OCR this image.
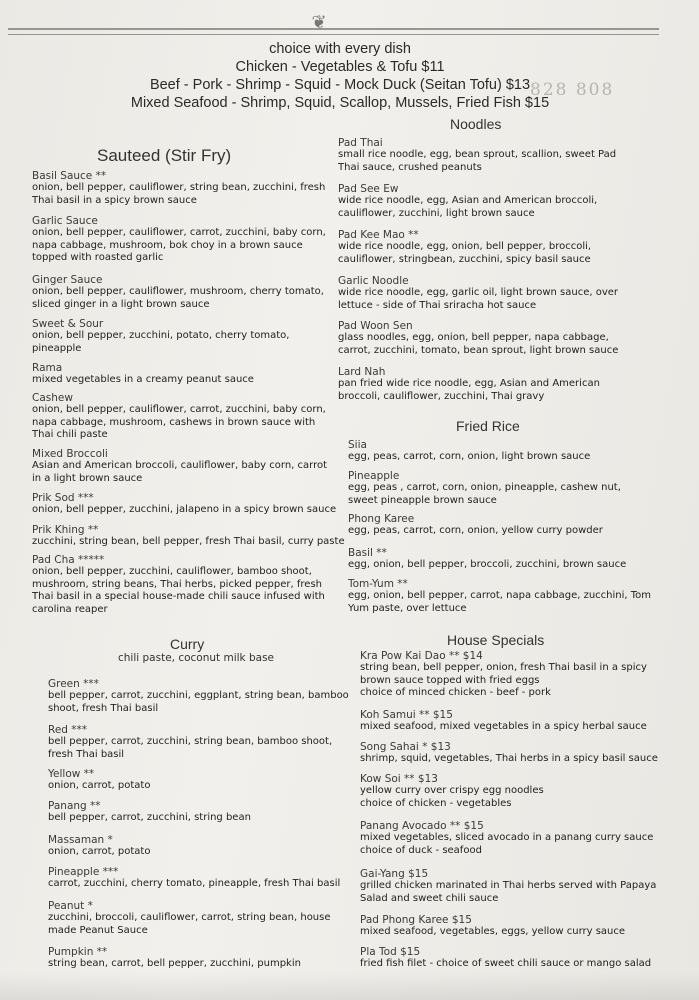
❦
choice with every dish
Chicken - Vegetables & Tofu $11
Beef - Pork - Shrimp - Squid - Mock Duck (Seitan Tofu) $13
Mixed Seafood - Shrimp, Squid, Scallop, Mussels, Fried Fish $15
828 808
Sauteed (Stir Fry)
Basil Sauce **
onion, bell pepper, cauliflower, string bean, zucchini, fresh
Thai basil in a spicy brown sauce
Garlic Sauce
onion, bell pepper, cauliflower, carrot, zucchini, baby corn,
napa cabbage, mushroom, bok choy in a brown sauce
topped with roasted garlic
Ginger Sauce
onion, bell pepper, cauliflower, mushroom, cherry tomato,
sliced ginger in a light brown sauce
Sweet & Sour
onion, bell pepper, zucchini, potato, cherry tomato,
pineapple
Rama
mixed vegetables in a creamy peanut sauce
Cashew
onion, bell pepper, cauliflower, carrot, zucchini, baby corn,
napa cabbage, mushroom, cashews in brown sauce with
Thai chili paste
Mixed Broccoli
Asian and American broccoli, cauliflower, baby corn, carrot
in a light brown sauce
Prik Sod ***
onion, bell pepper, zucchini, jalapeno in a spicy brown sauce
Prik Khing **
zucchini, string bean, bell pepper, fresh Thai basil, curry paste
Pad Cha *****
onion, bell pepper, zucchini, cauliflower, bamboo shoot,
mushroom, string beans, Thai herbs, picked pepper, fresh
Thai basil in a special house-made chili sauce infused with
carolina reaper
Curry
chili paste, coconut milk base
Green ***
bell pepper, carrot, zucchini, eggplant, string bean, bamboo
shoot, fresh Thai basil
Red ***
bell pepper, carrot, zucchini, string bean, bamboo shoot,
fresh Thai basil
Yellow **
onion, carrot, potato
Panang **
bell pepper, carrot, zucchini, string bean
Massaman *
onion, carrot, potato
Pineapple ***
carrot, zucchini, cherry tomato, pineapple, fresh Thai basil
Peanut *
zucchini, broccoli, cauliflower, carrot, string bean, house
made Peanut Sauce
Pumpkin **
string bean, carrot, bell pepper, zucchini, pumpkin
Noodles
Pad Thai
small rice noodle, egg, bean sprout, scallion, sweet Pad
Thai sauce, crushed peanuts
Pad See Ew
wide rice noodle, egg, Asian and American broccoli,
cauliflower, zucchini, light brown sauce
Pad Kee Mao **
wide rice noodle, egg, onion, bell pepper, broccoli,
cauliflower, stringbean, zucchini, spicy basil sauce
Garlic Noodle
wide rice noodle, egg, garlic oil, light brown sauce, over
lettuce - side of Thai sriracha hot sauce
Pad Woon Sen
glass noodles, egg, onion, bell pepper, napa cabbage,
carrot, zucchini, tomato, bean sprout, light brown sauce
Lard Nah
pan fried wide rice noodle, egg, Asian and American
broccoli, cauliflower, zucchini, Thai gravy
Fried Rice
Siia
egg, peas, carrot, corn, onion, light brown sauce
Pineapple
egg, peas , carrot, corn, onion, pineapple, cashew nut,
sweet pineapple brown sauce
Phong Karee
egg, peas, carrot, corn, onion, yellow curry powder
Basil **
egg, onion, bell pepper, broccoli, zucchini, brown sauce
Tom-Yum **
egg, onion, bell pepper, carrot, napa cabbage, zucchini, Tom
Yum paste, over lettuce
House Specials
Kra Pow Kai Dao ** $14
string bean, bell pepper, onion, fresh Thai basil in a spicy
brown sauce topped with fried eggs
choice of minced chicken - beef - pork
Koh Samui ** $15
mixed seafood, mixed vegetables in a spicy herbal sauce
Song Sahai * $13
shrimp, squid, vegetables, Thai herbs in a spicy basil sauce
Kow Soi ** $13
yellow curry over crispy egg noodles
choice of chicken - vegetables
Panang Avocado ** $15
mixed vegetables, sliced avocado in a panang curry sauce
choice of duck - seafood
Gai-Yang $15
grilled chicken marinated in Thai herbs served with Papaya
Salad and sweet chili sauce
Pad Phong Karee $15
mixed seafood, vegetables, eggs, yellow curry sauce
Pla Tod $15
fried fish filet - choice of sweet chili sauce or mango salad
